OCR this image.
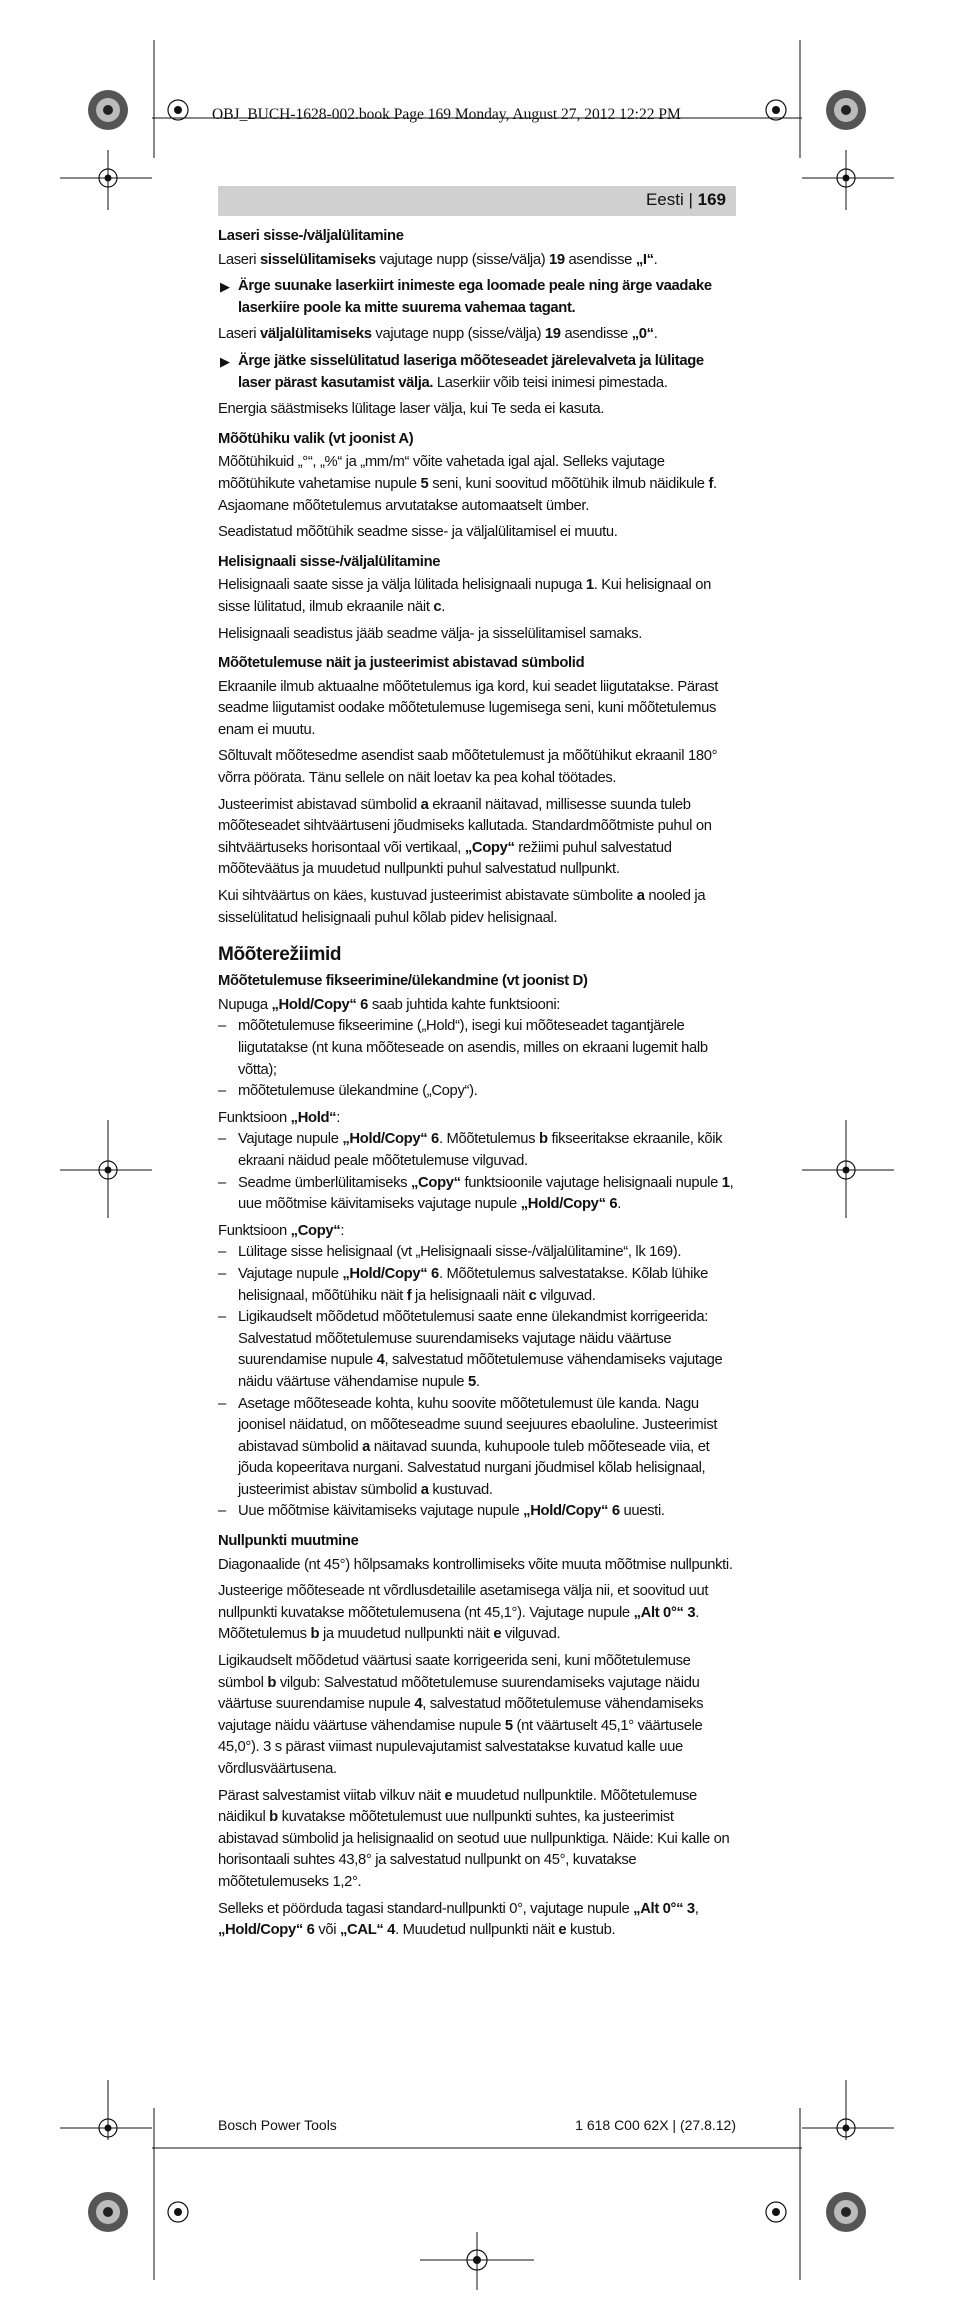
OBJ_BUCH-1628-002.book Page 169 Monday, August 27, 2012 12:22 PM
Eesti | 169
Laseri sisse-/väljalülitamine

Laseri sisselülitamiseks vajutage nupp (sisse/välja) 19 asendisse „I“.

▶ Ärge suunake laserkiirt inimeste ega loomade peale ning ärge vaadake laserkiire poole ka mitte suurema vahemaa tagant.

Laseri väljalülitamiseks vajutage nupp (sisse/välja) 19 asendisse „0“.

▶ Ärge jätke sisselülitatud laseriga mõõteseadet järelevalveta ja lülitage laser pärast kasutamist välja. Laserkiir võib teisi inimesi pimestada.

Energia säästmiseks lülitage laser välja, kui Te seda ei kasuta.

Mõõtühiku valik (vt joonist A)

Mõõtühikuid „°“, „%“ ja „mm/m“ võite vahetada igal ajal. Selleks vajutage mõõtühikute vahetamise nupule 5 seni, kuni soovitud mõõtühik ilmub näidikule f. Asjaomane mõõtetulemus arvutatakse automaatselt ümber.

Seadistatud mõõtühik seadme sisse- ja väljalülitamisel ei muutu.

Helisignaali sisse-/väljalülitamine

Helisignaali saate sisse ja välja lülitada helisignaali nupuga 1. Kui helisignaal on sisse lülitatud, ilmub ekraanile näit c.

Helisignaali seadistus jääb seadme välja- ja sisselülitamisel samaks.

Mõõtetulemuse näit ja justeerimist abistavad sümbolid

Ekraanile ilmub aktuaalne mõõtetulemus iga kord, kui seadet liigutatakse. Pärast seadme liigutamist oodake mõõtetulemuse lugemisega seni, kuni mõõtetulemus enam ei muutu.

Sõltuvalt mõõtesedme asendist saab mõõtetulemust ja mõõtühikut ekraanil 180° võrra pöörata. Tänu sellele on näit loetav ka pea kohal töötades.

Justeerimist abistavad sümbolid a ekraanil näitavad, millisesse suunda tuleb mõõteseadet sihtväärtuseni jõudmiseks kallutada. Standardmõõtmiste puhul on sihtväärtuseks horisontaal või vertikaal, „Copy“ režiimi puhul salvestatud mõõteväätus ja muudetud nullpunkti puhul salvestatud nullpunkt.

Kui sihtväärtus on käes, kustuvad justeerimist abistavate sümbolite a nooled ja sisselülitatud helisignaali puhul kõlab pidev helisignaal.

Mõõterežiimid
Mõõtetulemuse fikseerimine/ülekandmine (vt joonist D)

Nupuga „Hold/Copy“ 6 saab juhtida kahte funktsiooni:

– mõõtetulemuse fikseerimine („Hold“), isegi kui mõõteseadet tagantjärele liigutatakse (nt kuna mõõteseade on asendis, milles on ekraani lugemit halb võtta);
– mõõtetulemuse ülekandmine („Copy“).

Funktsioon „Hold“:

– Vajutage nupule „Hold/Copy“ 6. Mõõtetulemus b fikseeritakse ekraanile, kõik ekraani näidud peale mõõtetulemuse vilguvad.
– Seadme ümberlülitamiseks „Copy“ funktsioonile vajutage helisignaali nupule 1, uue mõõtmise käivitamiseks vajutage nupule „Hold/Copy“ 6.

Funktsioon „Copy“:

– Lülitage sisse helisignaal (vt „Helisignaali sisse-/väljalülitamine“, lk 169).
– Vajutage nupule „Hold/Copy“ 6. Mõõtetulemus salvestatakse. Kõlab lühike helisignaal, mõõtühiku näit f ja helisignaali näit c vilguvad.
– Ligikaudselt mõõdetud mõõtetulemusi saate enne ülekandmist korrigeerida: Salvestatud mõõtetulemuse suurendamiseks vajutage näidu väärtuse suurendamise nupule 4, salvestatud mõõtetulemuse vähendamiseks vajutage näidu väärtuse vähendamise nupule 5.
– Asetage mõõteseade kohta, kuhu soovite mõõtetulemust üle kanda. Nagu joonisel näidatud, on mõõteseadme suund seejuures ebaoluline. Justeerimist abistavad sümbolid a näitavad suunda, kuhupoole tuleb mõõteseade viia, et jõuda kopeeritava nurgani. Salvestatud nurgani jõudmisel kõlab helisignaal, justeerimist abistav sümbolid a kustuvad.
– Uue mõõtmise käivitamiseks vajutage nupule „Hold/Copy“ 6 uuesti.
Nullpunkti muutmine

Diagonaalide (nt 45°) hõlpsamaks kontrollimiseks võite muuta mõõtmise nullpunkti.

Justeerige mõõteseade nt võrdlusdetailile asetamisega välja nii, et soovitud uut nullpunkti kuvatakse mõõtetulemusena (nt 45,1°). Vajutage nupule „Alt 0°“ 3. Mõõtetulemus b ja muudetud nullpunkti näit e vilguvad.

Ligikaudselt mõõdetud väärtusi saate korrigeerida seni, kuni mõõtetulemuse sümbol b vilgub: Salvestatud mõõtetulemuse suurendamiseks vajutage näidu väärtuse suurendamise nupule 4, salvestatud mõõtetulemuse vähendamiseks vajutage näidu väärtuse vähendamise nupule 5 (nt väärtuselt 45,1° väärtusele 45,0°). 3 s pärast viimast nupulevajutamist salvestatakse kuvatud kalle uue võrdlusväärtusena.

Pärast salvestamist viitab vilkuv näit e muudetud nullpunktile. Mõõtetulemuse näidikul b kuvatakse mõõtetulemust uue nullpunkti suhtes, ka justeerimist abistavad sümbolid ja helisignaalid on seotud uue nullpunktiga. Näide: Kui kalle on horisontaali suhtes 43,8° ja salvestatud nullpunkt on 45°, kuvatakse mõõtetulemuseks 1,2°.

Selleks et pöörduda tagasi standard-nullpunkti 0°, vajutage nupule „Alt 0°“ 3, „Hold/Copy“ 6 või „CAL“ 4. Muudetud nullpunkti näit e kustub.

Bosch Power Tools	1 618 C00 62X | (27.8.12)
